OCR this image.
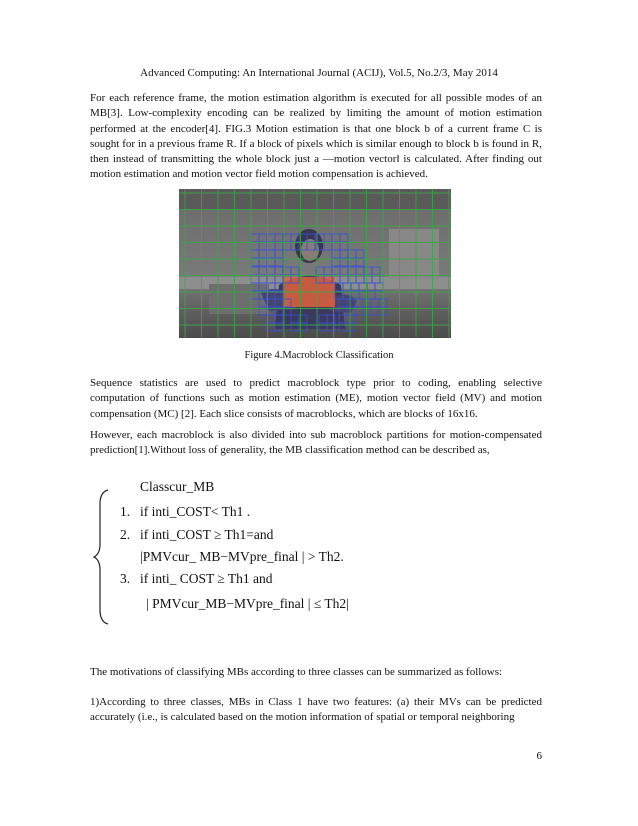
Advanced Computing: An International Journal (ACIJ), Vol.5, No.2/3, May 2014

For each reference frame, the motion estimation algorithm is executed for all possible modes of an MB[3]. Low-complexity encoding can be realized by limiting the amount of motion estimation performed at the encoder[4]. FIG.3 Motion estimation is that one block b of a current frame C is sought for in a previous frame R. If a block of pixels which is similar enough to block b is found in R, then instead of transmitting the whole block just a ―motion vector‖ is calculated. After finding out motion estimation and motion vector field motion compensation is achieved.

Figure 4.Macroblock Classification

Sequence statistics are used to predict macroblock type prior to coding, enabling selective computation of functions such as motion estimation (ME), motion vector field (MV) and motion compensation (MC) [2]. Each slice consists of macroblocks, which are blocks of 16x16.

However, each macroblock is also divided into sub macroblock partitions for motion-compensated prediction[1].Without loss of generality, the MB classification method can be described as,

Classcur_MB
1. if inti_COST< Th1 .
2. if inti_COST ≥ Th1=and
|PMVcur_ MB−MVpre_final | > Th2.
3. if inti_ COST ≥ Th1 and
| PMVcur_MB−MVpre_final | ≤ Th2|

The motivations of classifying MBs according to three classes can be summarized as follows:

1)According to three classes, MBs in Class 1 have two features: (a) their MVs can be predicted accurately (i.e., is calculated based on the motion information of spatial or temporal neighboring

6
